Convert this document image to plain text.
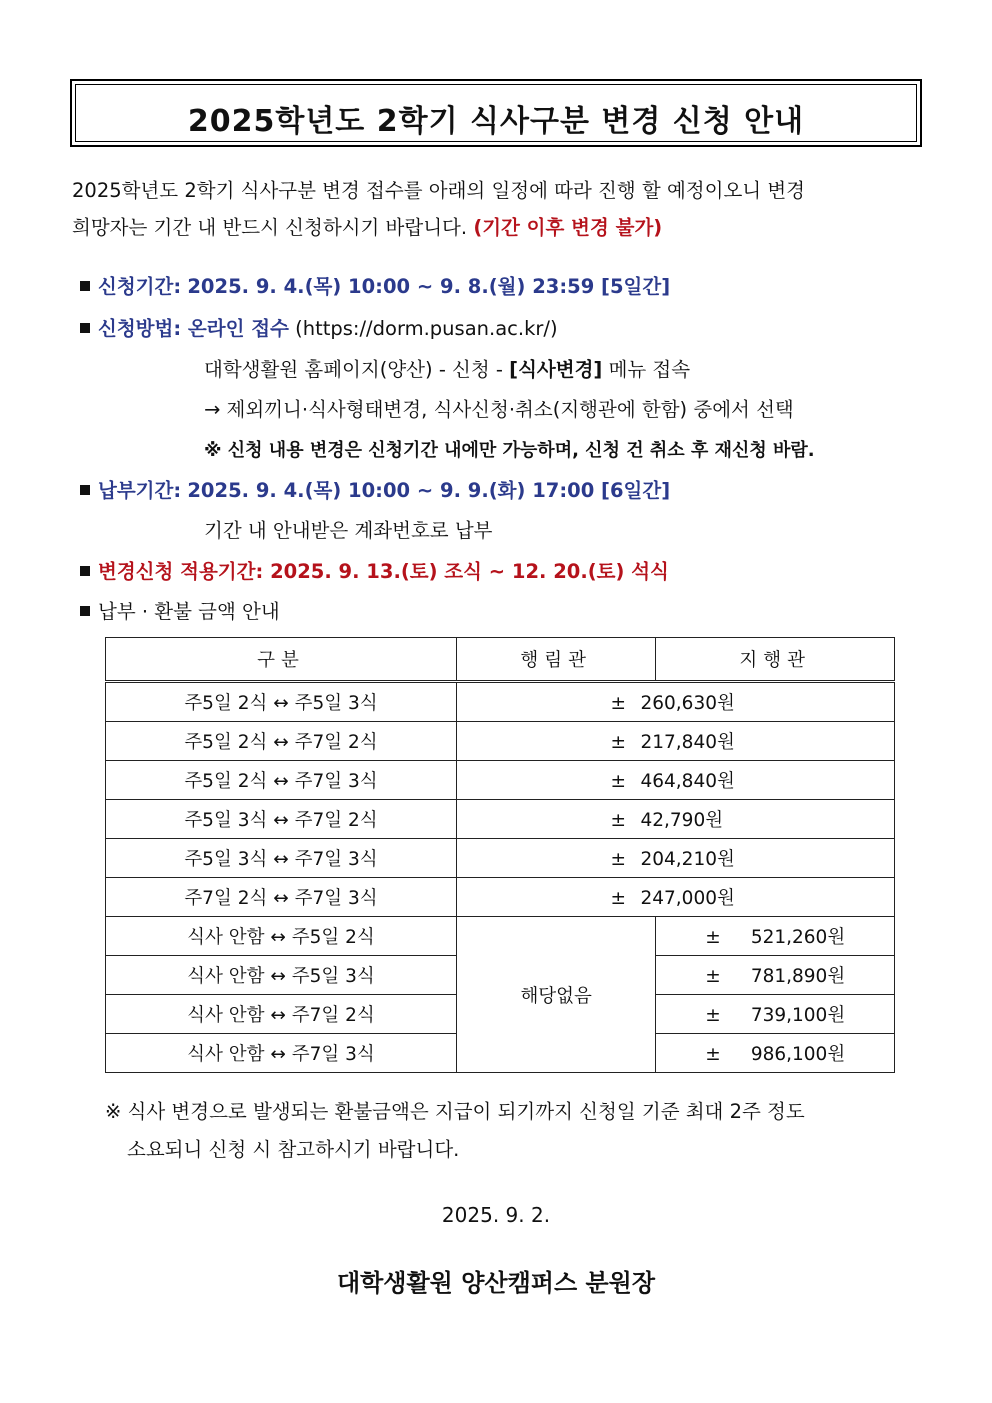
2025학년도 2학기 식사구분 변경 신청 안내
2025학년도 2학기 식사구분 변경 접수를 아래의 일정에 따라 진행 할 예정이오니 변경
희망자는 기간 내 반드시 신청하시기 바랍니다. (기간 이후 변경 불가)
신청기간: 2025. 9. 4.(목) 10:00 ~ 9. 8.(월) 23:59 [5일간]
신청방법: 온라인 접수 (https://dorm.pusan.ac.kr/)
대학생활원 홈페이지(양산) - 신청 - [식사변경] 메뉴 접속
→ 제외끼니·식사형태변경, 식사신청·취소(지행관에 한함) 중에서 선택
※ 신청 내용 변경은 신청기간 내에만 가능하며, 신청 건 취소 후 재신청 바람.
납부기간: 2025. 9. 4.(목) 10:00 ~ 9. 9.(화) 17:00 [6일간]
기간 내 안내받은 계좌번호로 납부
변경신청 적용기간: 2025. 9. 13.(토) 조식 ~ 12. 20.(토) 석식
납부 · 환불 금액 안내
구분	행림관	지행관
주5일 2식 ↔ 주5일 3식	± 260,630원	
주5일 2식 ↔ 주7일 2식	± 217,840원	
주5일 2식 ↔ 주7일 3식	± 464,840원	
주5일 3식 ↔ 주7일 2식	± 42,790원	
주5일 3식 ↔ 주7일 3식	± 204,210원	
주7일 2식 ↔ 주7일 3식	± 247,000원	
식사 안함 ↔ 주5일 2식	해당없음	± 521,260원
식사 안함 ↔ 주5일 3식		± 781,890원
식사 안함 ↔ 주7일 2식		± 739,100원
식사 안함 ↔ 주7일 3식		± 986,100원
※ 식사 변경으로 발생되는 환불금액은 지급이 되기까지 신청일 기준 최대 2주 정도
소요되니 신청 시 참고하시기 바랍니다.
2025. 9. 2.
대학생활원 양산캠퍼스 분원장
